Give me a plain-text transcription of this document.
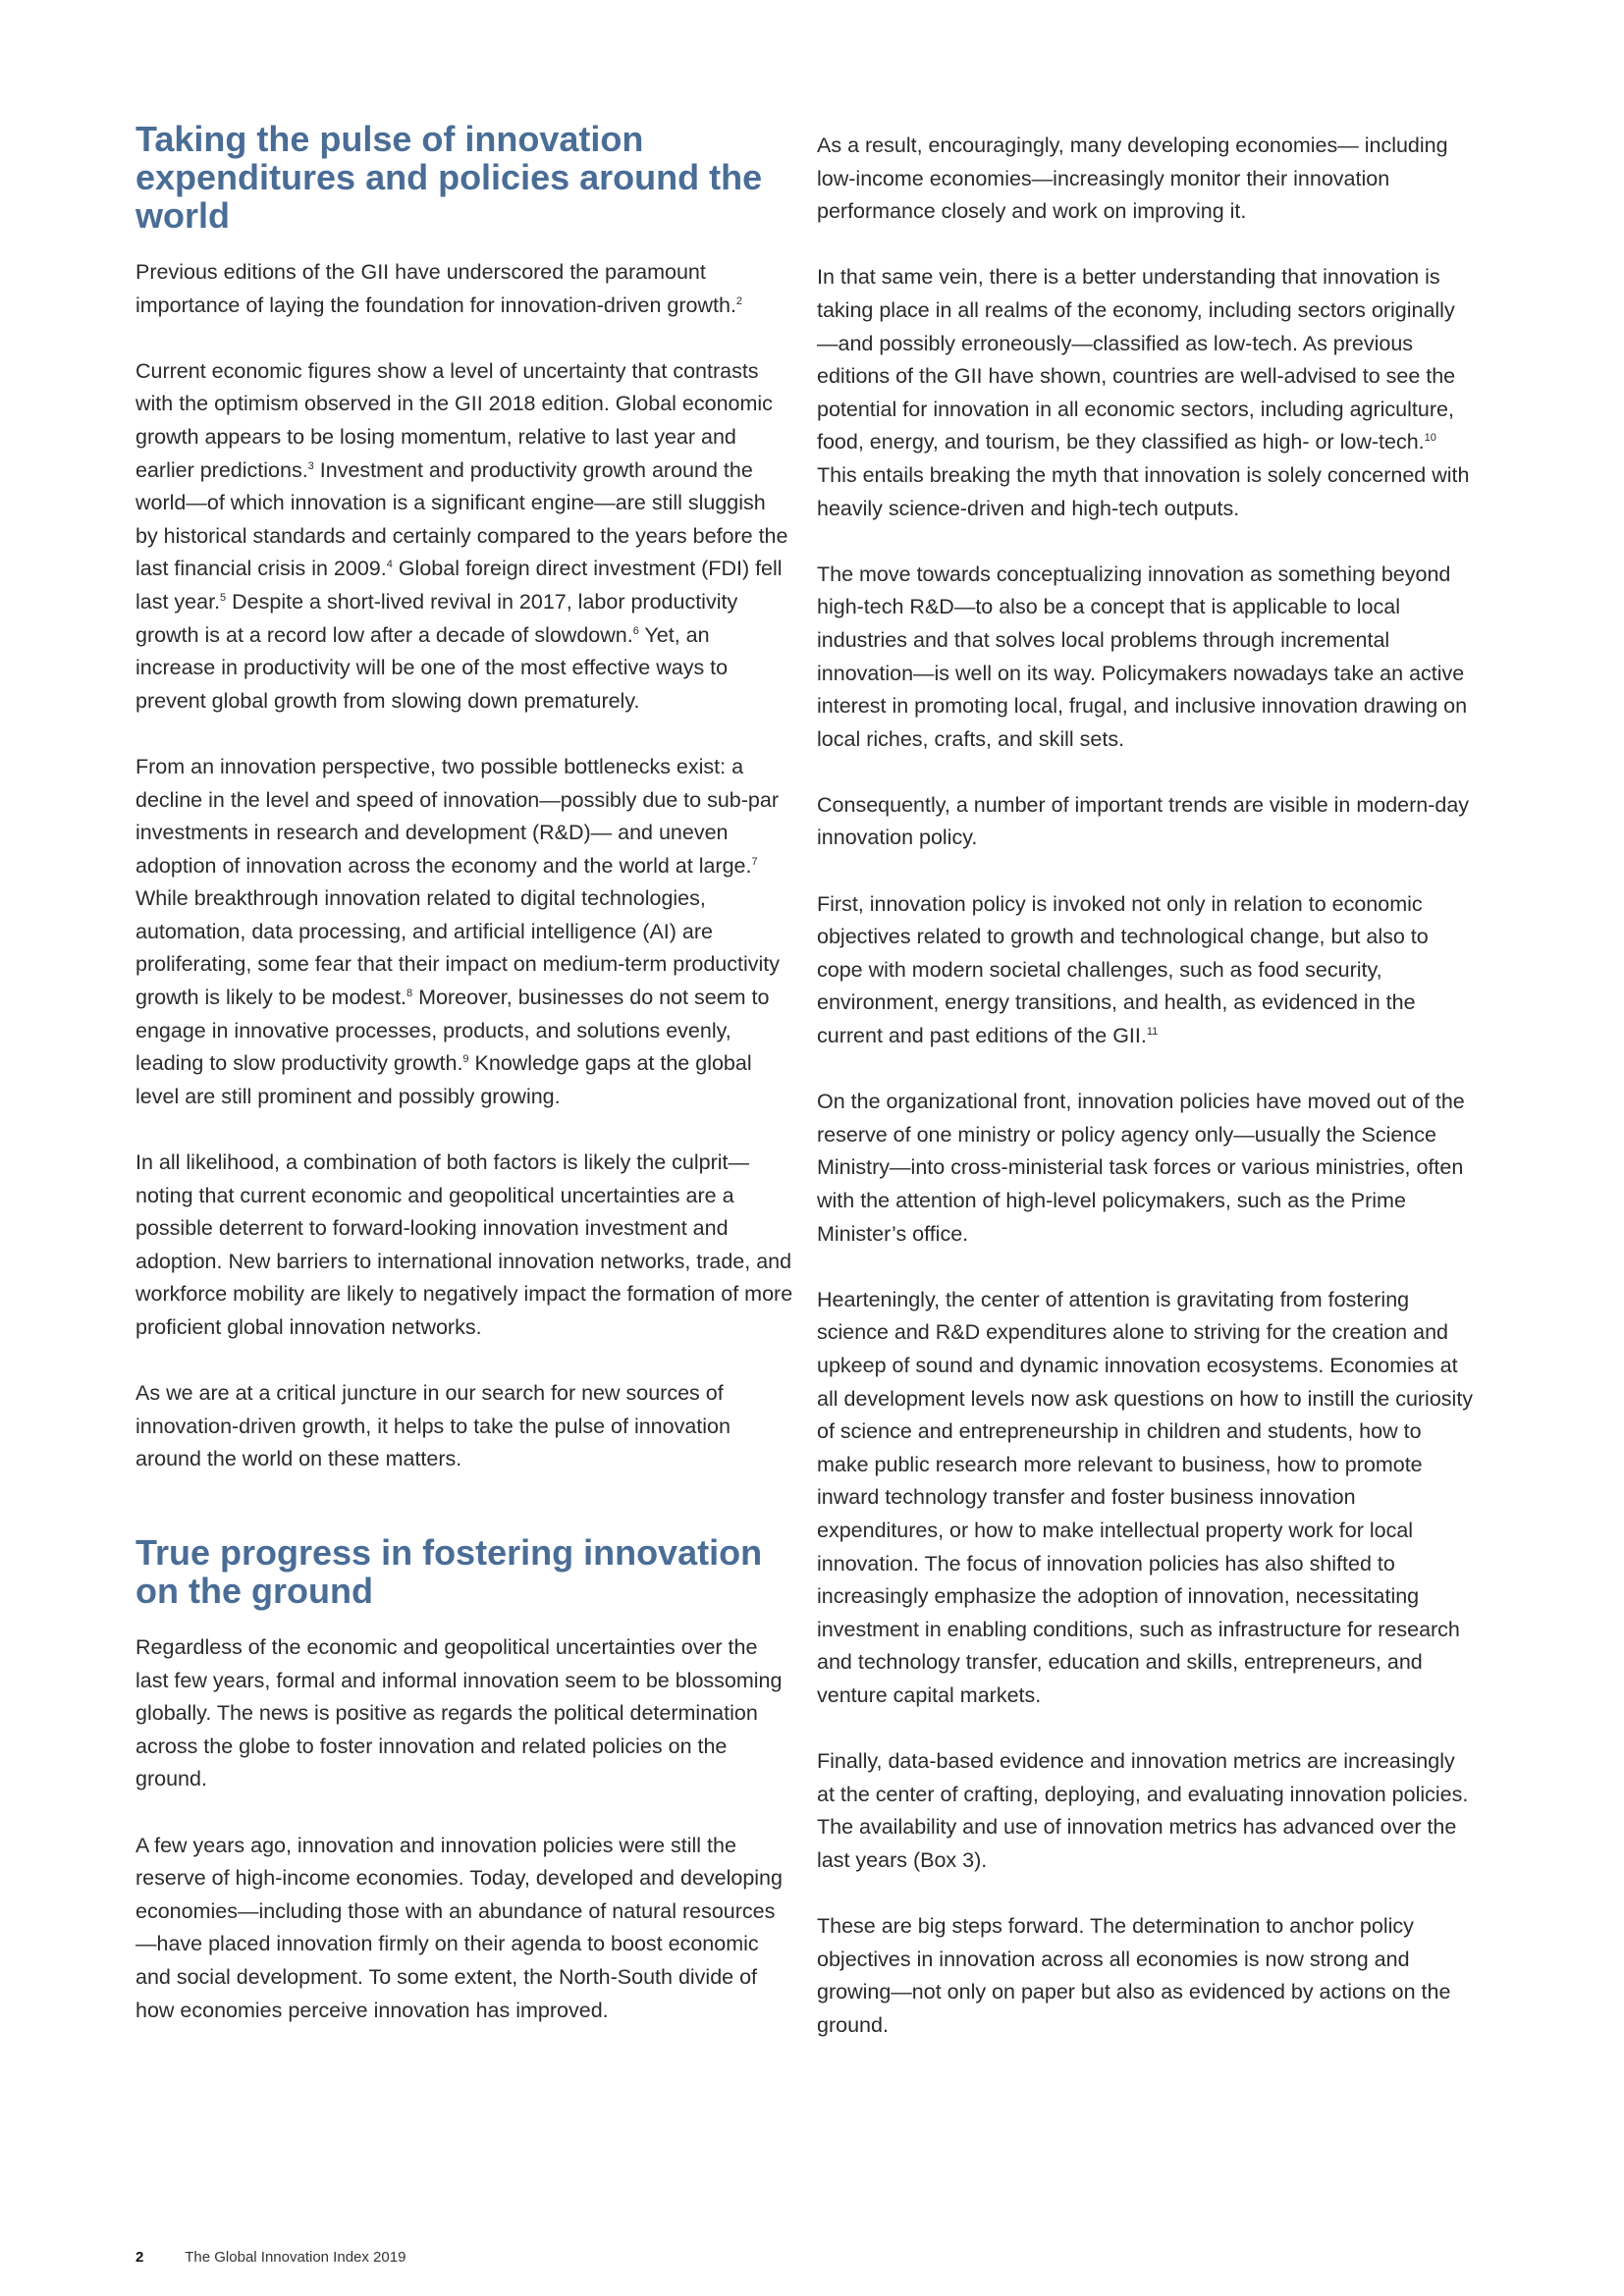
Taking the pulse of innovation expenditures and policies around the world

Previous editions of the GII have underscored the paramount importance of laying the foundation for innovation-driven growth.$^2$

Current economic figures show a level of uncertainty that contrasts with the optimism observed in the GII 2018 edition. Global economic growth appears to be losing momentum, relative to last year and earlier predictions.$^3$ Investment and productivity growth around the world—of which innovation is a significant engine—are still sluggish by historical standards and certainly compared to the years before the last financial crisis in 2009.$^4$ Global foreign direct investment (FDI) fell last year.$^5$ Despite a short-lived revival in 2017, labor productivity growth is at a record low after a decade of slowdown.$^6$ Yet, an increase in productivity will be one of the most effective ways to prevent global growth from slowing down prematurely.

From an innovation perspective, two possible bottlenecks exist: a decline in the level and speed of innovation—possibly due to sub-par investments in research and development (R&D)— and uneven adoption of innovation across the economy and the world at large.$^7$ While breakthrough innovation related to digital technologies, automation, data processing, and artificial intelligence (AI) are proliferating, some fear that their impact on medium-term productivity growth is likely to be modest.$^8$ Moreover, businesses do not seem to engage in innovative processes, products, and solutions evenly, leading to slow productivity growth.$^9$ Knowledge gaps at the global level are still prominent and possibly growing.

In all likelihood, a combination of both factors is likely the culprit—noting that current economic and geopolitical uncertainties are a possible deterrent to forward-looking innovation investment and adoption. New barriers to international innovation networks, trade, and workforce mobility are likely to negatively impact the formation of more proficient global innovation networks.

As we are at a critical juncture in our search for new sources of innovation-driven growth, it helps to take the pulse of innovation around the world on these matters.

True progress in fostering innovation on the ground

Regardless of the economic and geopolitical uncertainties over the last few years, formal and informal innovation seem to be blossoming globally. The news is positive as regards the political determination across the globe to foster innovation and related policies on the ground.

A few years ago, innovation and innovation policies were still the reserve of high-income economies. Today, developed and developing economies—including those with an abundance of natural resources—have placed innovation firmly on their agenda to boost economic and social development. To some extent, the North-South divide of how economies perceive innovation has improved.

As a result, encouragingly, many developing economies— including low-income economies—increasingly monitor their innovation performance closely and work on improving it.

In that same vein, there is a better understanding that innovation is taking place in all realms of the economy, including sectors originally—and possibly erroneously—classified as low-tech. As previous editions of the GII have shown, countries are well-advised to see the potential for innovation in all economic sectors, including agriculture, food, energy, and tourism, be they classified as high- or low-tech.$^{10}$ This entails breaking the myth that innovation is solely concerned with heavily science-driven and high-tech outputs.

The move towards conceptualizing innovation as something beyond high-tech R&D—to also be a concept that is applicable to local industries and that solves local problems through incremental innovation—is well on its way. Policymakers nowadays take an active interest in promoting local, frugal, and inclusive innovation drawing on local riches, crafts, and skill sets.

Consequently, a number of important trends are visible in modern-day innovation policy.

First, innovation policy is invoked not only in relation to economic objectives related to growth and technological change, but also to cope with modern societal challenges, such as food security, environment, energy transitions, and health, as evidenced in the current and past editions of the GII.$^{11}$

On the organizational front, innovation policies have moved out of the reserve of one ministry or policy agency only—usually the Science Ministry—into cross-ministerial task forces or various ministries, often with the attention of high-level policymakers, such as the Prime Minister’s office.

Hearteningly, the center of attention is gravitating from fostering science and R&D expenditures alone to striving for the creation and upkeep of sound and dynamic innovation ecosystems. Economies at all development levels now ask questions on how to instill the curiosity of science and entrepreneurship in children and students, how to make public research more relevant to business, how to promote inward technology transfer and foster business innovation expenditures, or how to make intellectual property work for local innovation. The focus of innovation policies has also shifted to increasingly emphasize the adoption of innovation, necessitating investment in enabling conditions, such as infrastructure for research and technology transfer, education and skills, entrepreneurs, and venture capital markets.

Finally, data-based evidence and innovation metrics are increasingly at the center of crafting, deploying, and evaluating innovation policies. The availability and use of innovation metrics has advanced over the last years (Box 3).

These are big steps forward. The determination to anchor policy objectives in innovation across all economies is now strong and growing—not only on paper but also as evidenced by actions on the ground.

2	The Global Innovation Index 2019
